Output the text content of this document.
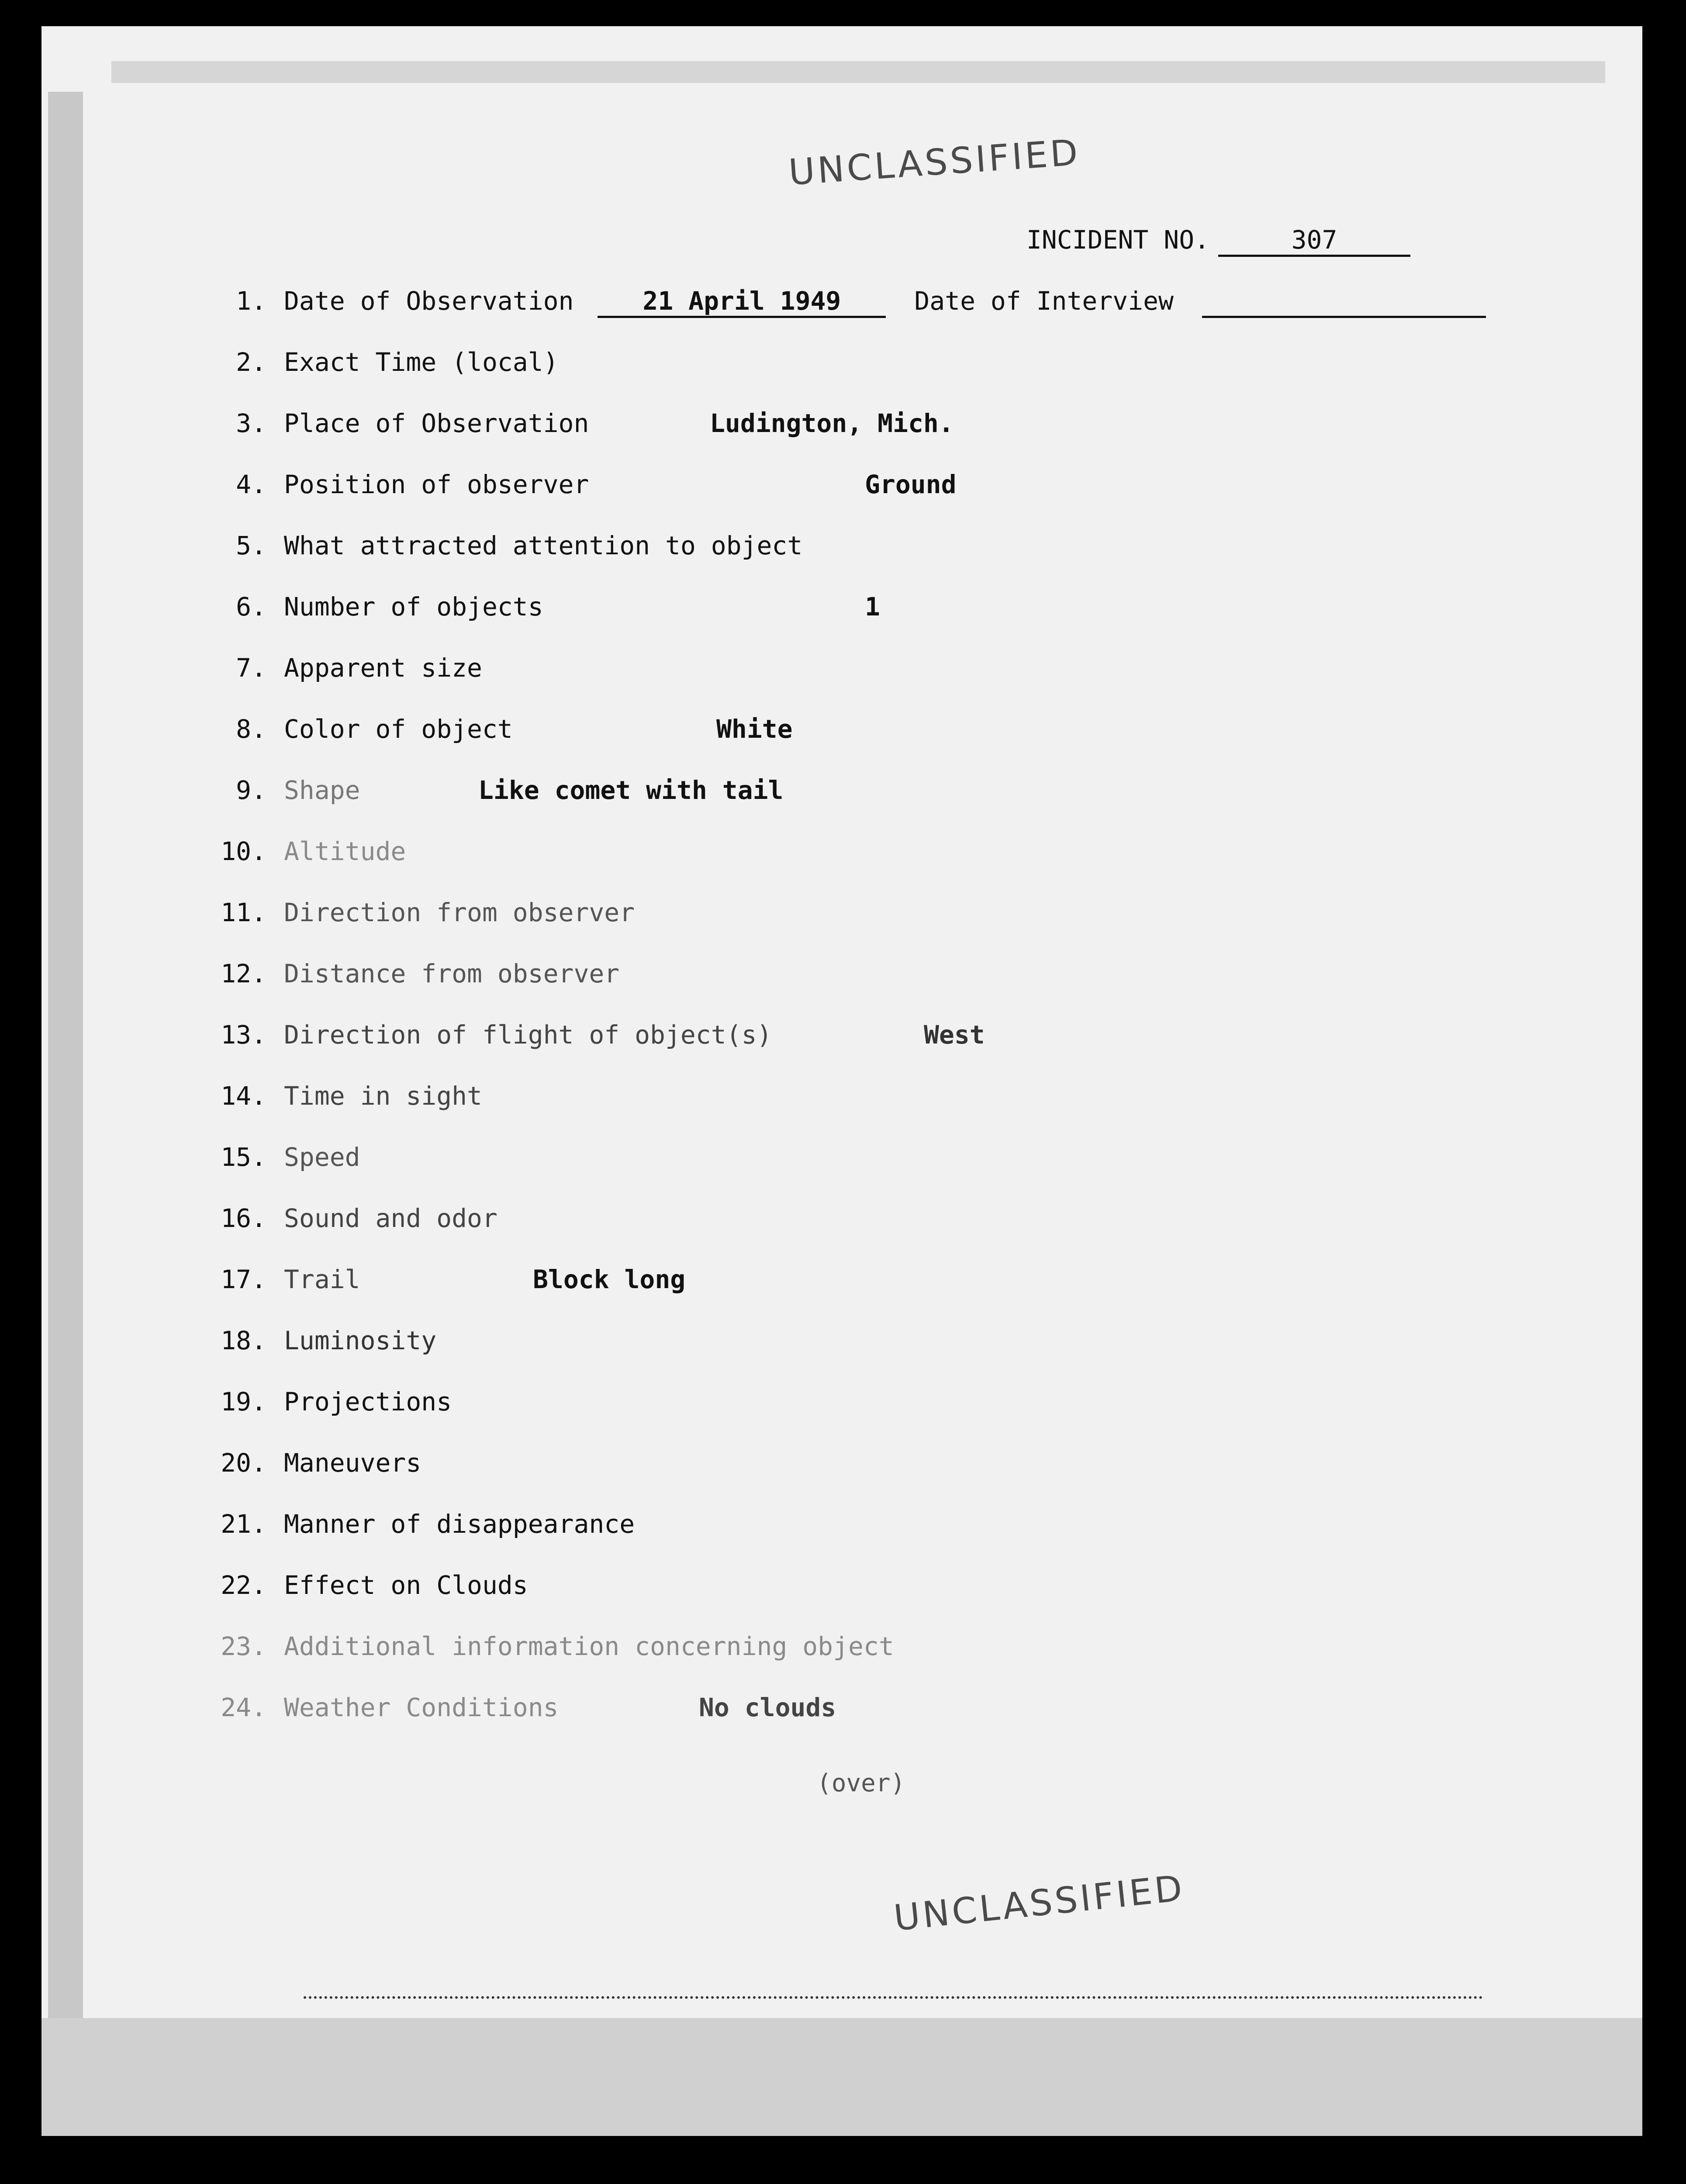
UNCLASSIFIED
INCIDENT NO.	307
1. Date of Observation	21 April 1949	Date of Interview
2. Exact Time (local)
3. Place of Observation	Ludington, Mich.
4. Position of observer	Ground
5. What attracted attention to object
6. Number of objects	1
7. Apparent size
8. Color of object	White
9. Shape	Like comet with tail
10. Altitude
11. Direction from observer
12. Distance from observer
13. Direction of flight of object(s)	West
14. Time in sight
15. Speed
16. Sound and odor
17. Trail	Block long
18. Luminosity
19. Projections
20. Maneuvers
21. Manner of disappearance
22. Effect on Clouds
23. Additional information concerning object
24. Weather Conditions	No clouds
(over)
UNCLASSIFIED
